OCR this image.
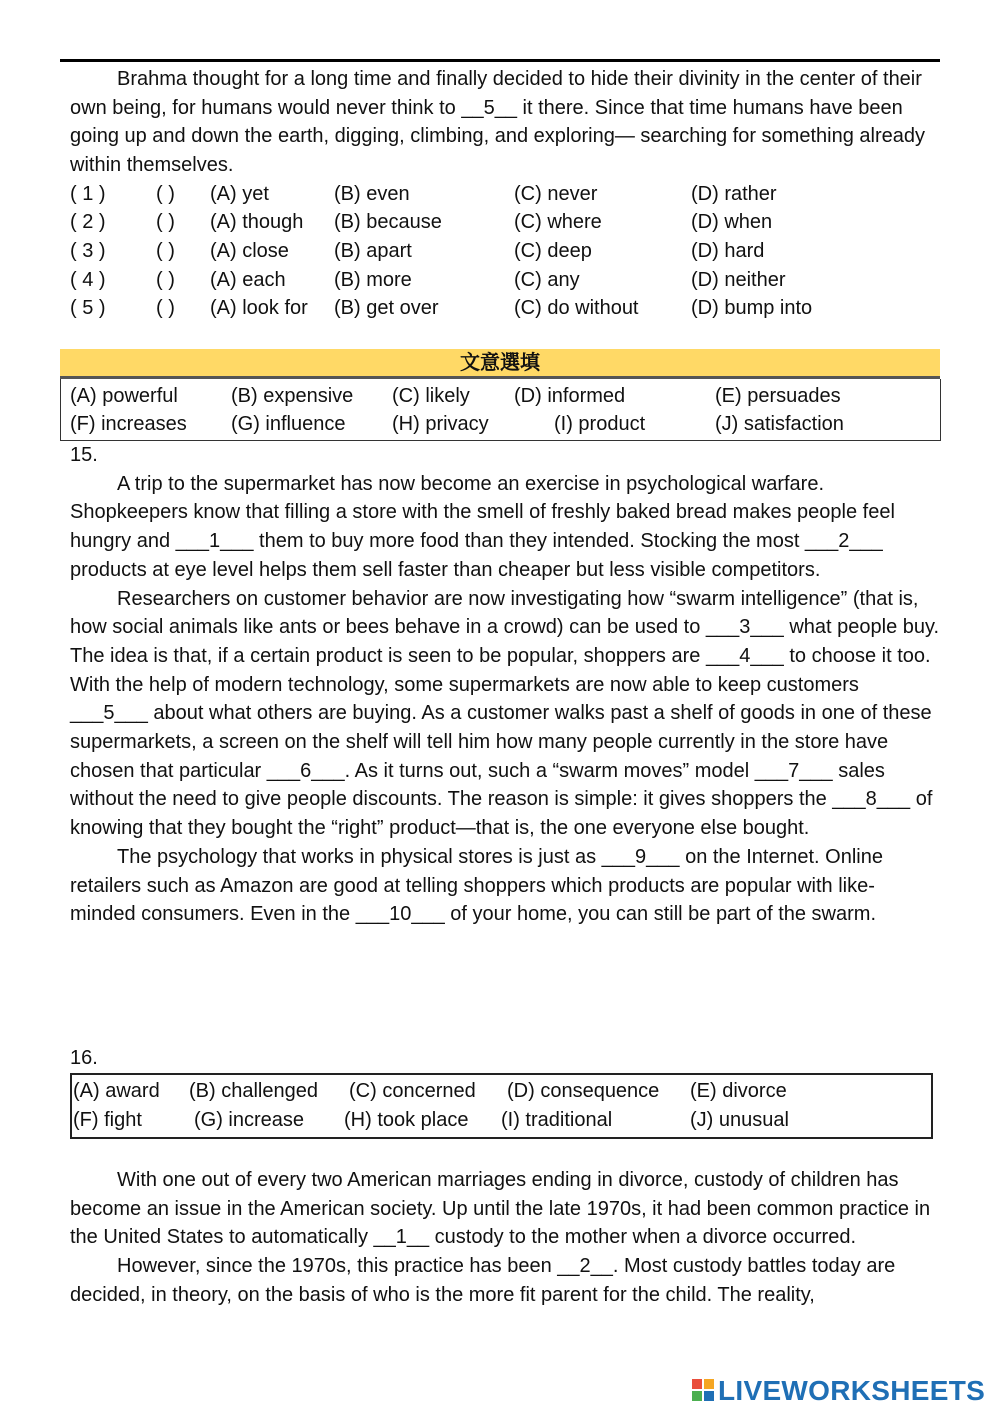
Brahma thought for a long time and finally decided to hide their divinity in the center of their own being, for humans would never think to __5__ it there. Since that time humans have been going up and down the earth, digging, climbing, and exploring— searching for something already within themselves.

( 1 )	( ) (A) yet	(B) even	(C) never	(D) rather
( 2 )	( ) (A) though (B) because	(C) where	(D) when
( 3 )	( ) (A) close (B) apart	(C) deep	(D) hard
( 4 )	( ) (A) each (B) more	(C) any	(D) neither
( 5 )	( ) (A) look for (B) get over	(C) do without	(D) bump into
文意選填
(A) powerful	(B) expensive (C) likely (D) informed	(E) persuades
(F) increases (G) influence (H) privacy	(I) product	(J) satisfaction

15.

A trip to the supermarket has now become an exercise in psychological warfare. Shopkeepers know that filling a store with the smell of freshly baked bread makes people feel hungry and ___1___ them to buy more food than they intended. Stocking the most ___2___ products at eye level helps them sell faster than cheaper but less visible competitors.

Researchers on customer behavior are now investigating how “swarm intelligence” (that is, how social animals like ants or bees behave in a crowd) can be used to ___3___ what people buy. The idea is that, if a certain product is seen to be popular, shoppers are ___4___ to choose it too. With the help of modern technology, some supermarkets are now able to keep customers ___5___ about what others are buying. As a customer walks past a shelf of goods in one of these supermarkets, a screen on the shelf will tell him how many people currently in the store have chosen that particular ___6___. As it turns out, such a “swarm moves” model ___7___ sales without the need to give people discounts. The reason is simple: it gives shoppers the ___8___ of knowing that they bought the “right” product—that is, the one everyone else bought.

The psychology that works in physical stores is just as ___9___ on the Internet. Online retailers such as Amazon are good at telling shoppers which products are popular with like-minded consumers. Even in the ___10___ of your home, you can still be part of the swarm.

16.
(A) award (B) challenged (C) concerned (D) consequence (E) divorce
(F) fight	(G) increase (H) took place (I) traditional	(J) unusual

With one out of every two American marriages ending in divorce, custody of children has become an issue in the American society. Up until the late 1970s, it had been common practice in the United States to automatically __1__ custody to the mother when a divorce occurred.

However, since the 1970s, this practice has been __2__. Most custody battles today are decided, in theory, on the basis of who is the more fit parent for the child. The reality,

LIVEWORKSHEETS
